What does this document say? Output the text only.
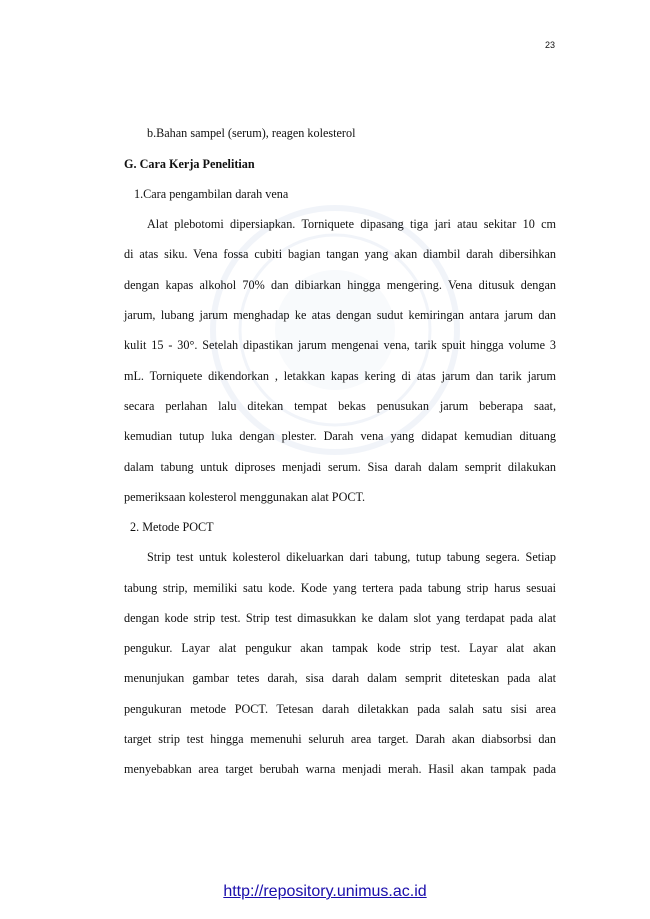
23
b.Bahan sampel (serum), reagen kolesterol
G. Cara Kerja Penelitian
1.Cara pengambilan darah vena
Alat plebotomi dipersiapkan. Torniquete dipasang tiga jari atau sekitar 10 cm
di atas siku. Vena fossa cubiti bagian tangan yang akan diambil darah dibersihkan
dengan kapas alkohol 70% dan dibiarkan hingga mengering. Vena ditusuk dengan
jarum, lubang jarum menghadap ke atas dengan sudut kemiringan antara jarum dan
kulit 15 - 30°. Setelah dipastikan jarum mengenai vena, tarik spuit hingga volume 3
mL. Torniquete dikendorkan , letakkan kapas kering di atas jarum dan tarik jarum
secara perlahan lalu ditekan tempat bekas penusukan jarum beberapa saat,
kemudian tutup luka dengan plester. Darah vena yang didapat kemudian dituang
dalam tabung untuk diproses menjadi serum. Sisa darah dalam semprit dilakukan
pemeriksaan kolesterol menggunakan alat POCT.
2. Metode POCT
Strip test untuk kolesterol dikeluarkan dari tabung, tutup tabung segera. Setiap
tabung strip, memiliki satu kode. Kode yang tertera pada tabung strip harus sesuai
dengan kode strip test. Strip test dimasukkan ke dalam slot yang terdapat pada alat
pengukur. Layar alat pengukur akan tampak kode strip test. Layar alat akan
menunjukan gambar tetes darah, sisa darah dalam semprit diteteskan pada alat
pengukuran metode POCT. Tetesan darah diletakkan pada salah satu sisi area
target strip test hingga memenuhi seluruh area target. Darah akan diabsorbsi dan
menyebabkan area target berubah warna menjadi merah. Hasil akan tampak pada
http://repository.unimus.ac.id
